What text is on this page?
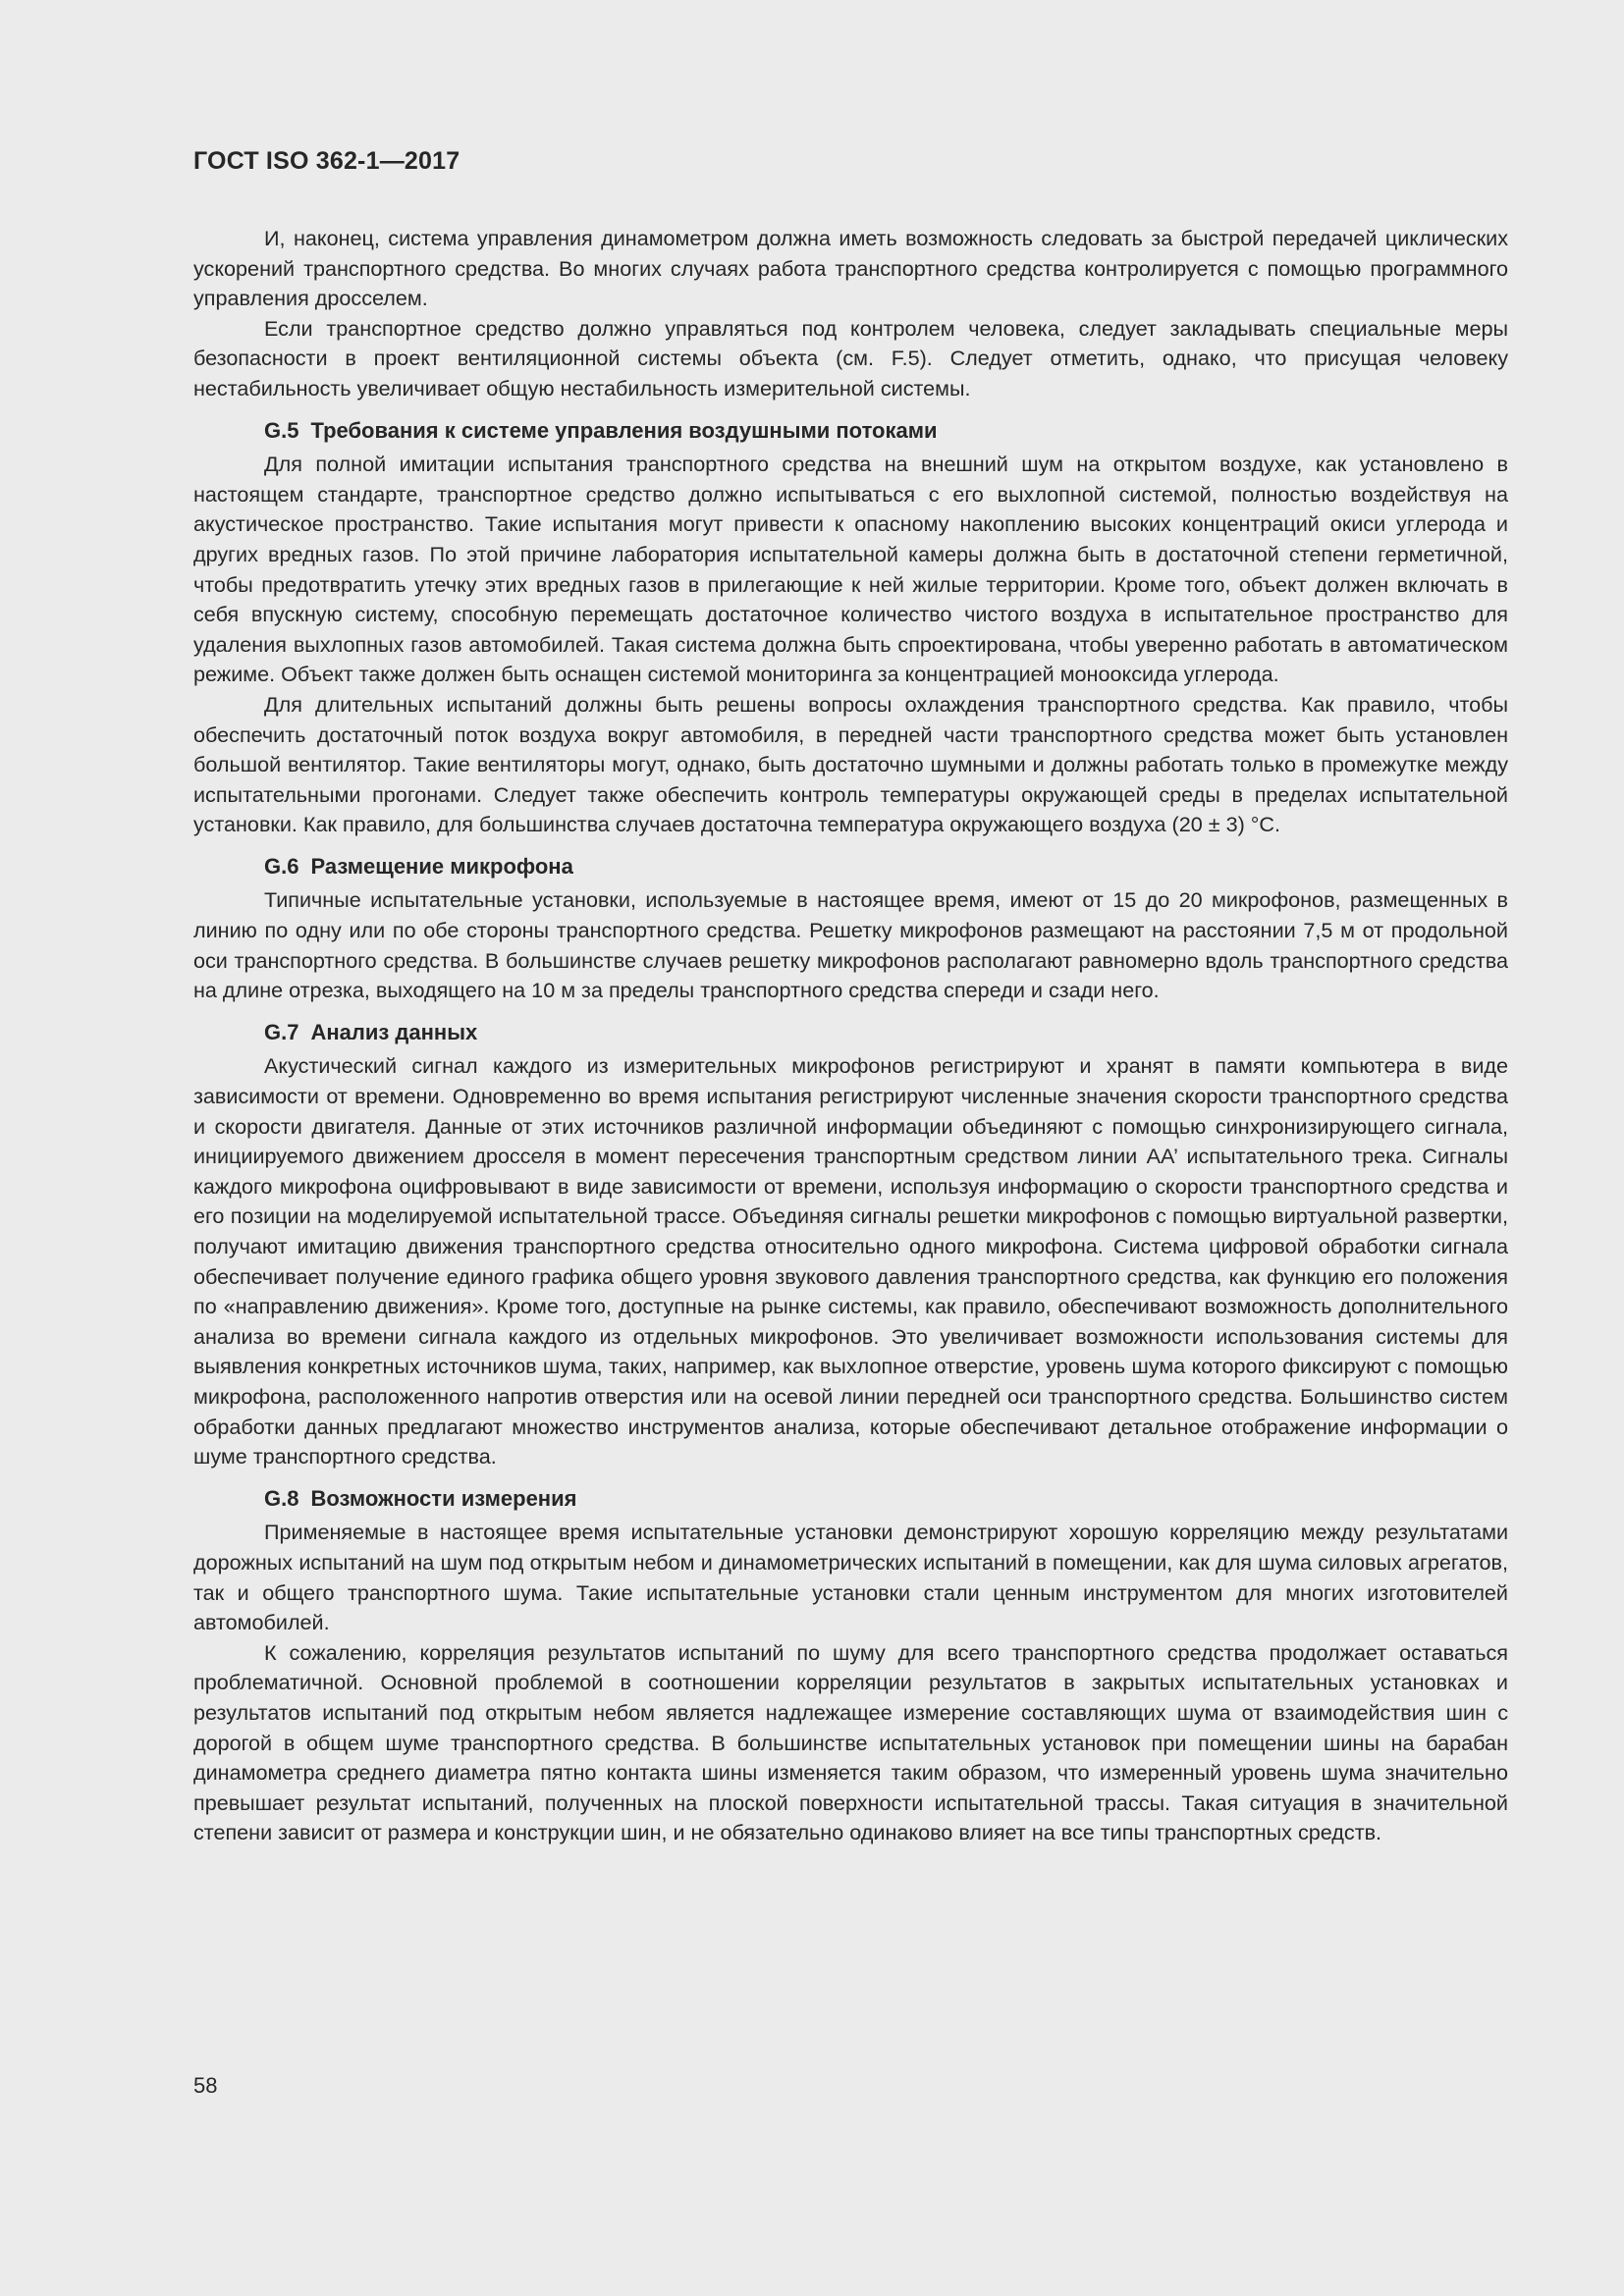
ГОСТ ISO 362-1—2017

И, наконец, система управления динамометром должна иметь возможность следовать за быстрой передачей циклических ускорений транспортного средства. Во многих случаях работа транспортного средства контролируется с помощью программного управления дросселем.

Если транспортное средство должно управляться под контролем человека, следует закладывать специальные меры безопасности в проект вентиляционной системы объекта (см. F.5). Следует отметить, однако, что присущая человеку нестабильность увеличивает общую нестабильность измерительной системы.

G.5 Требования к системе управления воздушными потоками

Для полной имитации испытания транспортного средства на внешний шум на открытом воздухе, как установлено в настоящем стандарте, транспортное средство должно испытываться с его выхлопной системой, полностью воздействуя на акустическое пространство. Такие испытания могут привести к опасному накоплению высоких концентраций окиси углерода и других вредных газов. По этой причине лаборатория испытательной камеры должна быть в достаточной степени герметичной, чтобы предотвратить утечку этих вредных газов в прилегающие к ней жилые территории. Кроме того, объект должен включать в себя впускную систему, способную перемещать достаточное количество чистого воздуха в испытательное пространство для удаления выхлопных газов автомобилей. Такая система должна быть спроектирована, чтобы уверенно работать в автоматическом режиме. Объект также должен быть оснащен системой мониторинга за концентрацией монооксида углерода.

Для длительных испытаний должны быть решены вопросы охлаждения транспортного средства. Как правило, чтобы обеспечить достаточный поток воздуха вокруг автомобиля, в передней части транспортного средства может быть установлен большой вентилятор. Такие вентиляторы могут, однако, быть достаточно шумными и должны работать только в промежутке между испытательными прогонами. Следует также обеспечить контроль температуры окружающей среды в пределах испытательной установки. Как правило, для большинства случаев достаточна температура окружающего воздуха (20 ± 3) °С.

G.6 Размещение микрофона

Типичные испытательные установки, используемые в настоящее время, имеют от 15 до 20 микрофонов, размещенных в линию по одну или по обе стороны транспортного средства. Решетку микрофонов размещают на расстоянии 7,5 м от продольной оси транспортного средства. В большинстве случаев решетку микрофонов располагают равномерно вдоль транспортного средства на длине отрезка, выходящего на 10 м за пределы транспортного средства спереди и сзади него.

G.7 Анализ данных

Акустический сигнал каждого из измерительных микрофонов регистрируют и хранят в памяти компьютера в виде зависимости от времени. Одновременно во время испытания регистрируют численные значения скорости транспортного средства и скорости двигателя. Данные от этих источников различной информации объединяют с помощью синхронизирующего сигнала, инициируемого движением дросселя в момент пересечения транспортным средством линии АА’ испытательного трека. Сигналы каждого микрофона оцифровывают в виде зависимости от времени, используя информацию о скорости транспортного средства и его позиции на моделируемой испытательной трассе. Объединяя сигналы решетки микрофонов с помощью виртуальной развертки, получают имитацию движения транспортного средства относительно одного микрофона. Система цифровой обработки сигнала обеспечивает получение единого графика общего уровня звукового давления транспортного средства, как функцию его положения по «направлению движения». Кроме того, доступные на рынке системы, как правило, обеспечивают возможность дополнительного анализа во времени сигнала каждого из отдельных микрофонов. Это увеличивает возможности использования системы для выявления конкретных источников шума, таких, например, как выхлопное отверстие, уровень шума которого фиксируют с помощью микрофона, расположенного напротив отверстия или на осевой линии передней оси транспортного средства. Большинство систем обработки данных предлагают множество инструментов анализа, которые обеспечивают детальное отображение информации о шуме транспортного средства.

G.8 Возможности измерения

Применяемые в настоящее время испытательные установки демонстрируют хорошую корреляцию между результатами дорожных испытаний на шум под открытым небом и динамометрических испытаний в помещении, как для шума силовых агрегатов, так и общего транспортного шума. Такие испытательные установки стали ценным инструментом для многих изготовителей автомобилей.

К сожалению, корреляция результатов испытаний по шуму для всего транспортного средства продолжает оставаться проблематичной. Основной проблемой в соотношении корреляции результатов в закрытых испытательных установках и результатов испытаний под открытым небом является надлежащее измерение составляющих шума от взаимодействия шин с дорогой в общем шуме транспортного средства. В большинстве испытательных установок при помещении шины на барабан динамометра среднего диаметра пятно контакта шины изменяется таким образом, что измеренный уровень шума значительно превышает результат испытаний, полученных на плоской поверхности испытательной трассы. Такая ситуация в значительной степени зависит от размера и конструкции шин, и не обязательно одинаково влияет на все типы транспортных средств.

58
